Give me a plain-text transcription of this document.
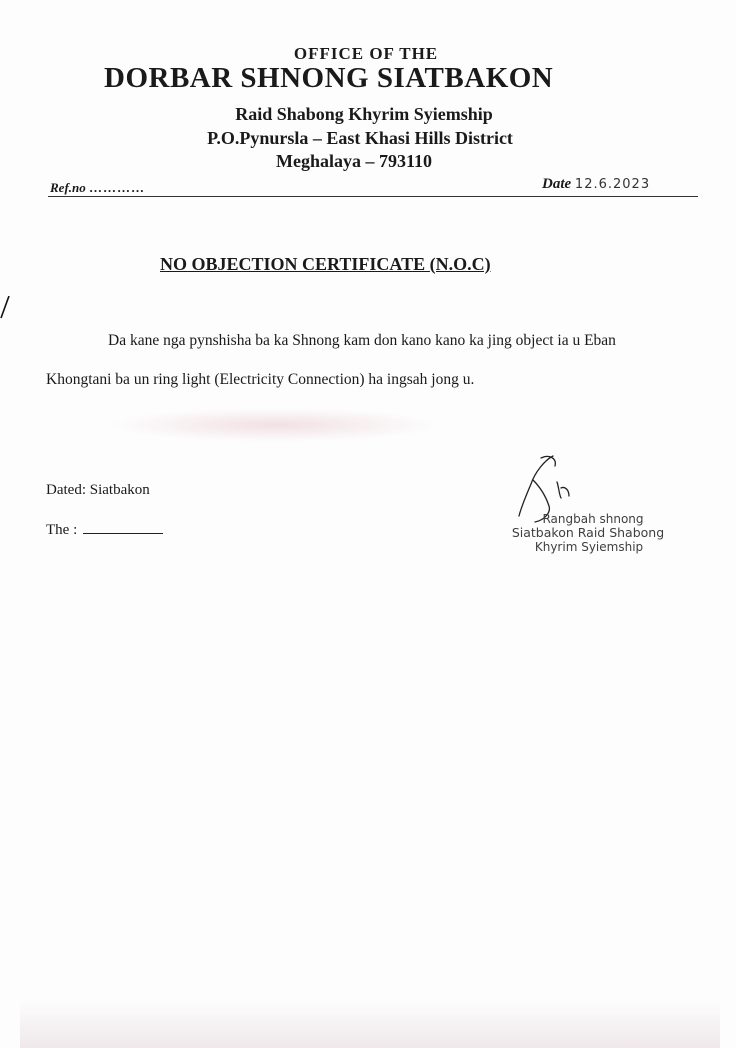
OFFICE OF THE
DORBAR SHNONG SIATBAKON
Raid Shabong Khyrim Syiemship
P.O.Pynursla – East Khasi Hills District
Meghalaya – 793110
Ref.no …………	Date 12.6.2023
NO OBJECTION CERTIFICATE (N.O.C)
Da kane nga pynshisha ba ka Shnong kam don kano kano ka jing object ia u Eban
Khongtani ba un ring light (Electricity Connection) ha ingsah jong u.
Dated: Siatbakon
The :
Rangbah shnong
Siatbakon Raid Shabong
Khyrim Syiemship
